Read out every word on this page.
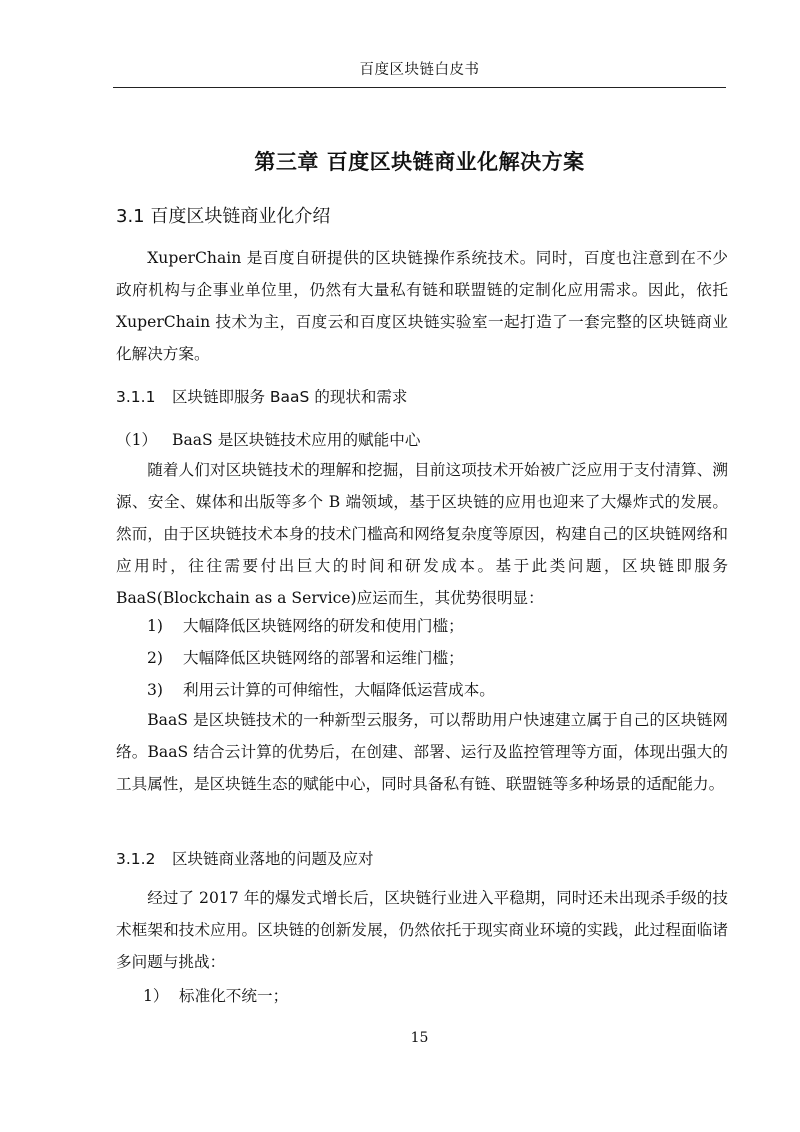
百度区块链白皮书
第三章 百度区块链商业化解决方案
3.1 百度区块链商业化介绍

XuperChain 是百度自研提供的区块链操作系统技术。同时，百度也注意到在不少政府机构与企事业单位里，仍然有大量私有链和联盟链的定制化应用需求。因此，依托 XuperChain 技术为主，百度云和百度区块链实验室一起打造了一套完整的区块链商业化解决方案。

3.1.1 区块链即服务 BaaS 的现状和需求
（1） BaaS 是区块链技术应用的赋能中心

随着人们对区块链技术的理解和挖掘，目前这项技术开始被广泛应用于支付清算、溯源、安全、媒体和出版等多个 B 端领域，基于区块链的应用也迎来了大爆炸式的发展。然而，由于区块链技术本身的技术门槛高和网络复杂度等原因，构建自己的区块链网络和应用时，往往需要付出巨大的时间和研发成本。基于此类问题，区块链即服务 BaaS(Blockchain as a Service)应运而生，其优势很明显：

1) 大幅降低区块链网络的研发和使用门槛；
2) 大幅降低区块链网络的部署和运维门槛；
3) 利用云计算的可伸缩性，大幅降低运营成本。

BaaS 是区块链技术的一种新型云服务，可以帮助用户快速建立属于自己的区块链网络。BaaS 结合云计算的优势后，在创建、部署、运行及监控管理等方面，体现出强大的工具属性，是区块链生态的赋能中心，同时具备私有链、联盟链等多种场景的适配能力。

3.1.2 区块链商业落地的问题及应对

经过了 2017 年的爆发式增长后，区块链行业进入平稳期，同时还未出现杀手级的技术框架和技术应用。区块链的创新发展，仍然依托于现实商业环境的实践，此过程面临诸多问题与挑战：

1） 标准化不统一；
15
